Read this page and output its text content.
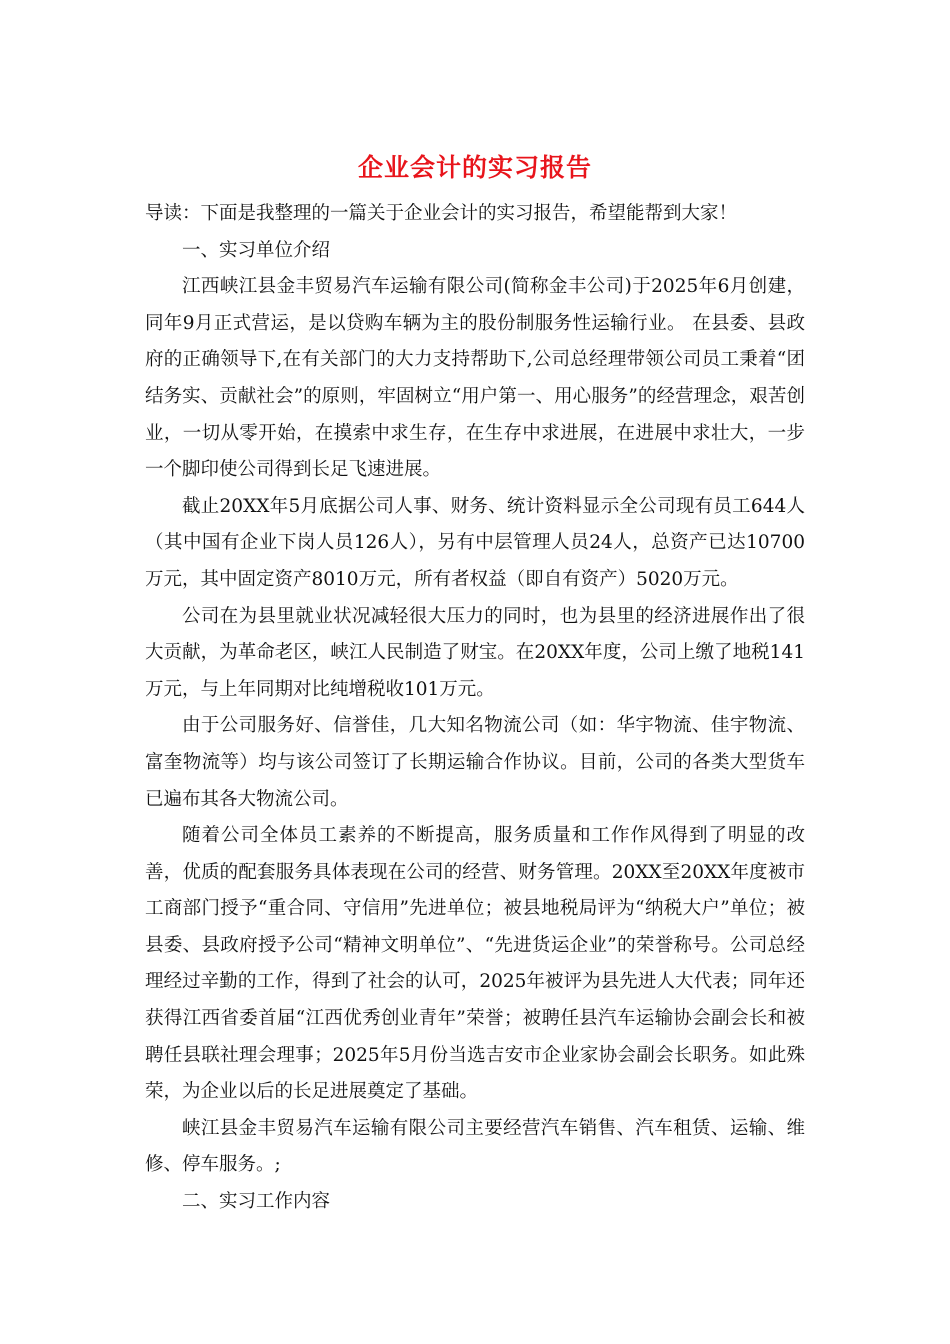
企业会计的实习报告

导读：下面是我整理的一篇关于企业会计的实习报告，希望能帮到大家！

一、实习单位介绍

江西峡江县金丰贸易汽车运输有限公司(简称金丰公司)于2025年6月创建，同年9月正式营运，是以贷购车辆为主的股份制服务性运输行业。 在县委、县政府的正确领导下,在有关部门的大力支持帮助下,公司总经理带领公司员工秉着“团结务实、贡献社会”的原则，牢固树立“用户第一、用心服务”的经营理念，艰苦创业，一切从零开始，在摸索中求生存，在生存中求进展，在进展中求壮大，一步一个脚印使公司得到长足飞速进展。

截止20XX年5月底据公司人事、财务、统计资料显示全公司现有员工644人（其中国有企业下岗人员126人），另有中层管理人员24人，总资产已达10700万元，其中固定资产8010万元，所有者权益（即自有资产）5020万元。

公司在为县里就业状况减轻很大压力的同时，也为县里的经济进展作出了很大贡献，为革命老区，峡江人民制造了财宝。在20XX年度，公司上缴了地税141万元，与上年同期对比纯增税收101万元。

由于公司服务好、信誉佳，几大知名物流公司（如：华宇物流、佳宇物流、富奎物流等）均与该公司签订了长期运输合作协议。目前，公司的各类大型货车已遍布其各大物流公司。

随着公司全体员工素养的不断提高，服务质量和工作作风得到了明显的改善，优质的配套服务具体表现在公司的经营、财务管理。20XX至20XX年度被市工商部门授予“重合同、守信用”先进单位；被县地税局评为“纳税大户”单位；被县委、县政府授予公司“精神文明单位”、“先进货运企业”的荣誉称号。公司总经理经过辛勤的工作，得到了社会的认可，2025年被评为县先进人大代表；同年还获得江西省委首届“江西优秀创业青年”荣誉；被聘任县汽车运输协会副会长和被聘任县联社理会理事；2025年5月份当选吉安市企业家协会副会长职务。如此殊荣，为企业以后的长足进展奠定了基础。

峡江县金丰贸易汽车运输有限公司主要经营汽车销售、汽车租赁、运输、维修、停车服务。;

二、实习工作内容
